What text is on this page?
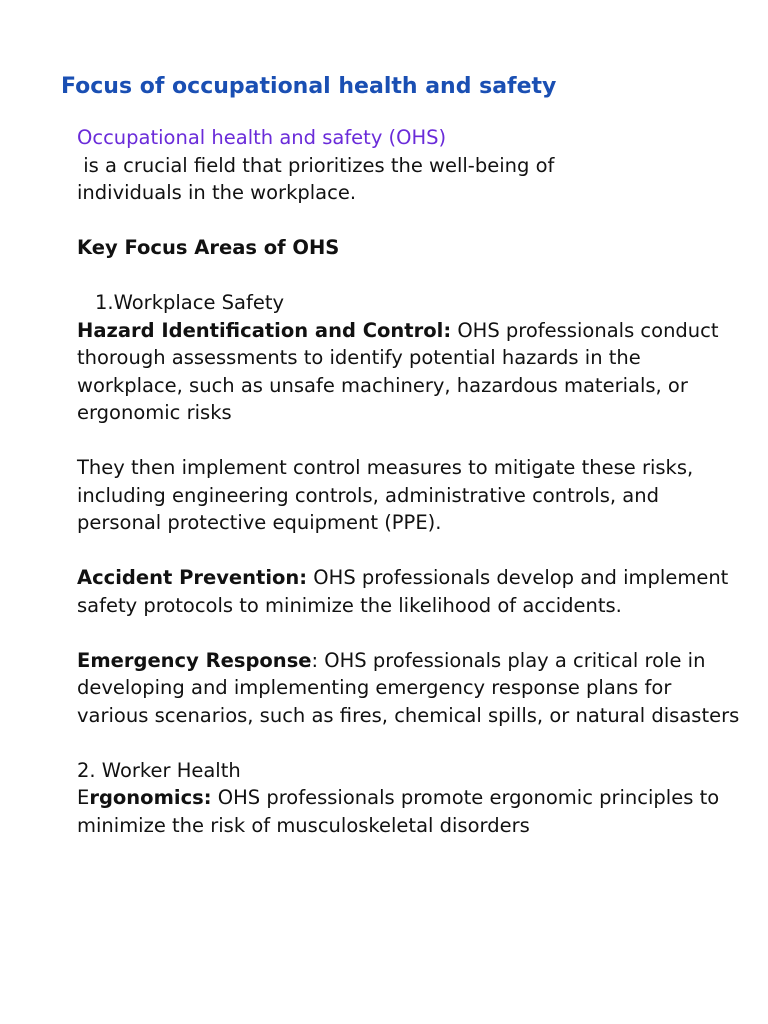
Focus of occupational health and safety

Occupational health and safety (OHS)

is a crucial field that prioritizes the well-being of

individuals in the workplace.

Key Focus Areas of OHS

1.Workplace Safety

Hazard Identification and Control: OHS professionals conduct thorough assessments to identify potential hazards in the workplace, such as unsafe machinery, hazardous materials, or ergonomic risks

They then implement control measures to mitigate these risks, including engineering controls, administrative controls, and personal protective equipment (PPE).

Accident Prevention: OHS professionals develop and implement safety protocols to minimize the likelihood of accidents.

Emergency Response: OHS professionals play a critical role in developing and implementing emergency response plans for various scenarios, such as fires, chemical spills, or natural disasters

2. Worker Health

Ergonomics: OHS professionals promote ergonomic principles to minimize the risk of musculoskeletal disorders
